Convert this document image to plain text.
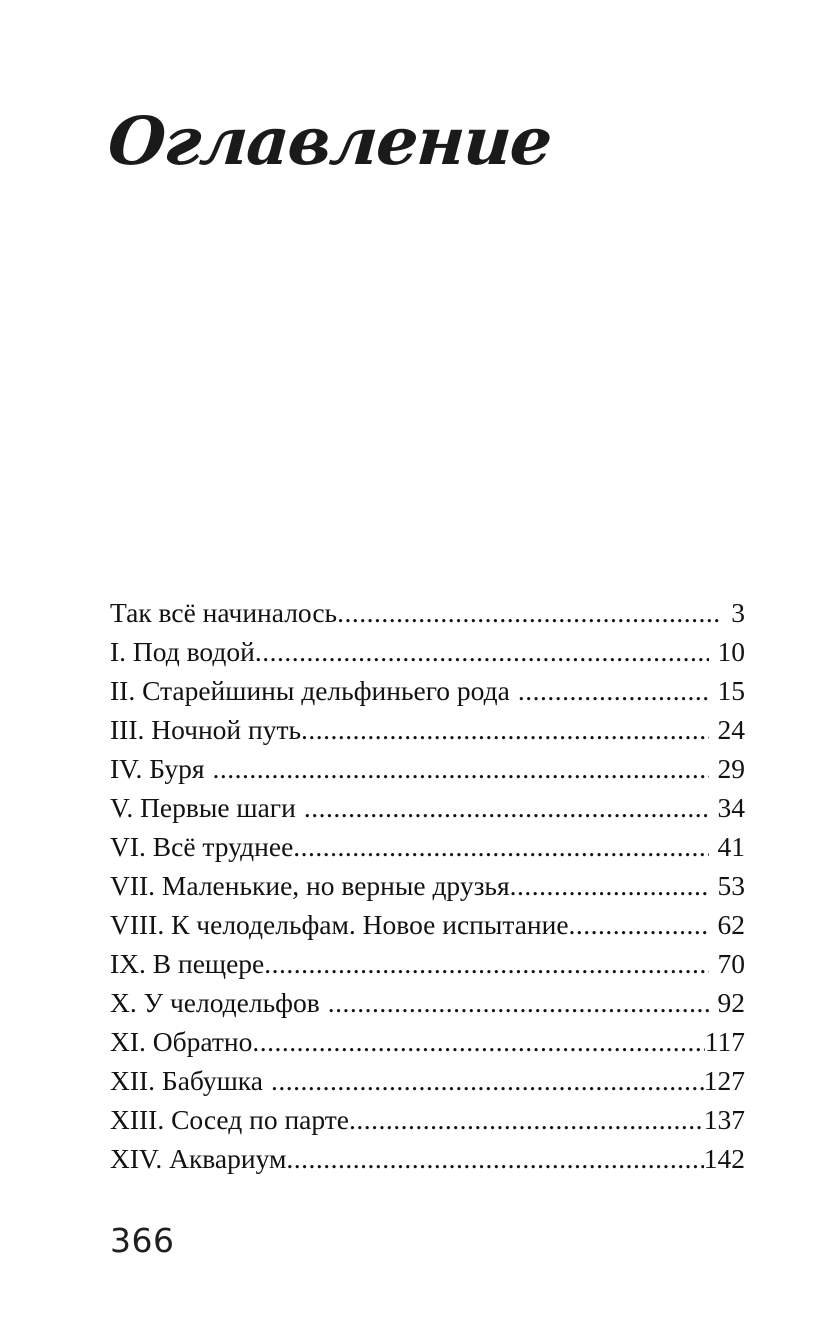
Оглавление
Так всё начиналось .....	3
I. Под водой .....	10
II. Старейшины дельфиньего рода .....	15
III. Ночной путь .....	24
IV. Буря .....	29
V. Первые шаги .....	34
VI. Всё труднее .....	41
VII. Маленькие, но верные друзья .....	53
VIII. К челодельфам. Новое испытание .....	62
IX. В пещере .....	70
X. У челодельфов .....	92
XI. Обратно .....	117
XII. Бабушка .....	127
XIII. Сосед по парте .....	137
XIV. Аквариум .....	142
366
